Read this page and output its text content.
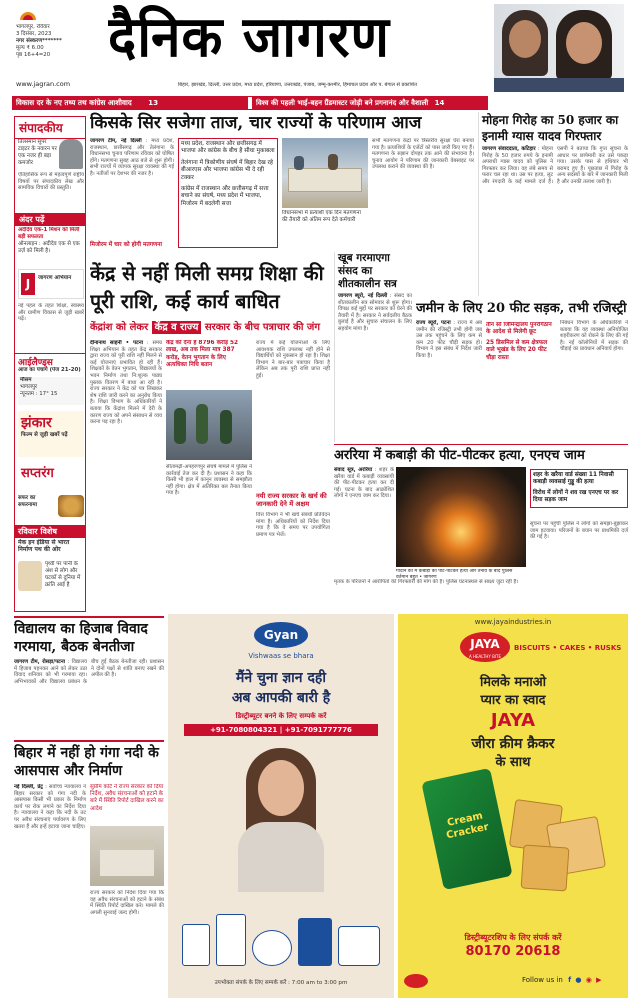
भागलपुर, रविवार
3 दिसंबर, 2023
नगर संस्करण*******
मूल्य ₹ 6.00
पृष्ठ 16+4=20
www.jagran.com
दैनिक जागरण
बिहार, झारखंड, दिल्ली, उत्तर प्रदेश, मध्य प्रदेश, हरियाणा, उत्तराखंड, पंजाब, जम्मू-कश्मीर, हिमाचल प्रदेश और प. बंगाल से प्रकाशित
विकास दर के नए तथ्य तथ कांग्रेस आशीवाद 13	विश्व की पहली भाई-बहन ग्रैंडमास्टर जोड़ी बने प्रगनानंद और वैशाली 14
संपादकीय
तिलस्मान सुपर टाइटर के नवारन पर एक नजर ही बड़ा कमजोर
ऐतिहासिक रूप से महत्वपूर्ण राष्ट्रीय विषयों पर संपादकीय लेख और सामयिक विचारों की प्रस्तुति।
अंदर पढ़ें
अदीदेव एक-1 मिशन को मिली बड़ी सफलता
ऑनलाइन : अदीदेव एक से एक उर्ज़ को मिली है।
J	जागरण अभियान
नई पहल के तहत शिक्षा, स्वास्थ्य और ग्रामीण विकास से जुड़ी खबरें पढ़ें।
आईलैण्ड्स
आज का पंचांग (पेज 21-20)
मौसम
भागलपुर
न्यूनतम : 17° 15
झंकार
फिल्म से जुड़ी खबरें पढ़ें
सप्तरंग
सफर का सफरनामा
रविवार विशेष
मेक इन इंडिया से भारत निर्माण पथ की ओर
पृथ्वी पर पानी के अंश से लोग और घटकों से दुनिया में क्रांति आई है
किसके सिर सजेगा ताज, चार राज्यों के परिणाम आज
जागरण टीम, नई दिल्ली : मध्य प्रदेश, राजस्थान, छत्तीसगढ़ और तेलंगाना के विधानसभा चुनाव परिणाम रविवार को घोषित होंगे। मतगणना सुबह आठ बजे से शुरू होगी। सभी राज्यों में व्यापक सुरक्षा व्यवस्था की गई है। नतीजों पर देशभर की नजर है।
मध्य प्रदेश, राजस्थान और छत्तीसगढ़ में भाजपा और कांग्रेस के बीच है सीधा मुकाबला
तेलंगाना में त्रिकोणीय संघर्ष में बिहार देख रहे बीआरएस और भाजपा कांग्रेस भी दे रही टक्कर
कांग्रेस में राजस्थान और छत्तीसगढ़ में सत्ता बचाने का संघर्ष, मध्य प्रदेश में भाजपा, मिजोरम में बदलेगी सत्ता
विधानसभा में प्रत्याशी एक दिन मतगणना की तैयारी को अंतिम रूप देते कर्मचारी
सभी मतगणना केंद्रों पर त्रिस्तरीय सुरक्षा घेरा बनाया गया है। प्रत्याशियों के एजेंटों को पास जारी किए गए हैं। मतगणना के रुझान दोपहर तक आने की संभावना है। चुनाव आयोग ने परिणाम की जानकारी वेबसाइट पर उपलब्ध कराने की व्यवस्था की है।
मिजोरम में चार को होगी मतगणना
मोहना गिरोह का 50 हजार का इनामी ग्यास यादव गिरफ्तार
जागरण संवाददाता, कटिहार : मोहना गिरोह के 50 हजार रुपये के इनामी अपराधी ग्यास यादव को पुलिस ने गिरफ्तार कर लिया। वह लंबे समय से फरार चल रहा था। उस पर हत्या, लूट और रंगदारी के कई मामले दर्ज हैं। एसपी ने बताया कि गुप्त सूचना के आधार पर छापेमारी कर उसे पकड़ा गया। उसके पास से हथियार भी बरामद हुए हैं। पूछताछ में गिरोह के अन्य सदस्यों के बारे में जानकारी मिली है और उनकी तलाश जारी है।
केंद्र से नहीं मिली समग्र शिक्षा की पूरी राशि, कई कार्य बाधित
केंद्रांश को लेकर केंद्र व राज्य सरकार के बीच पत्राचार की जंग
दीनानाथ साहनी • पटना : समग्र शिक्षा अभियान के तहत केंद्र सरकार द्वारा राज्य को पूरी राशि नहीं मिलने से कई योजनाएं प्रभावित हो रही हैं। शिक्षकों के वेतन भुगतान, विद्यालयों के भवन निर्माण तथा नि:शुल्क पाठ्य पुस्तक वितरण में बाधा आ रही है। राज्य सरकार ने केंद्र को पत्र लिखकर शेष राशि जारी करने का अनुरोध किया है। शिक्षा विभाग के अधिकारियों ने बताया कि केंद्रांश मिलने में देरी के कारण राज्य को अपने संसाधन से व्यय करना पड़ रहा है।
केंद्र को देना है 8796 करोड़ 52 लाख, अब तक मिला मात्र 387 करोड़, वेतन भुगतान के लिए अत्यधिक्त निधि बतान
सीतामढ़ी-अपहरणपुर संघर्ष मामले में पुलिस ने कार्रवाई तेज कर दी है। प्रशासन ने कहा कि किसी भी हाल में कानून व्यवस्था से समझौता नहीं होगा। क्षेत्र में अतिरिक्त बल तैनात किया गया है।
राज्य में कई योजनाओं के लिए आवश्यक राशि उपलब्ध नहीं होने से विद्यार्थियों को नुकसान हो रहा है। शिक्षा विभाग ने बार-बार पत्राचार किया है लेकिन अब तक पूरी राशि प्राप्त नहीं हुई।
नयी राज्य सरकार के खर्च की जानकारी देने में अक्षम
वित्त विभाग ने भी खर्च संबंधी प्रतिवेदन मांगा है। अधिकारियों को निर्देश दिया गया है कि वे समय पर उपयोगिता प्रमाण पत्र भेजें।
खूब गरमाएगा संसद का शीतकालीन सत्र
जागरण ब्यूरो, नई दिल्ली : संसद का शीतकालीन सत्र सोमवार से शुरू होगा। विपक्ष कई मुद्दों पर सरकार को घेरने की तैयारी में है। सरकार ने सर्वदलीय बैठक बुलाई है और सुचारु संचालन के लिए सहयोग मांगा है।
जमीन के लिए 20 फीट सड़क, तभी रजिस्ट्री
राज्य ब्यूरो, पटना : राज्य में अब जमीन की रजिस्ट्री तभी होगी जब उस तक पहुंचने के लिए कम से कम 20 फीट चौड़ी सड़क हो। विभाग ने इस संबंध में निर्देश जारी किया है।
तीन सो जिमिन्द्रालय पुनरगिठान के आदेश से मिलेगी छूट
25 डिसमिल से कम क्षेत्रफल वाले भूखंड के लिए 20 फीट चौड़ा रास्ता
निबंधन विभाग के अधिकारियों ने बताया कि यह व्यवस्था अनियोजित शहरीकरण को रोकने के लिए की गई है। नई कॉलोनियों में सड़क की चौड़ाई का प्रावधान अनिवार्य होगा।
अररिया में कबाड़ी की पीट-पीटकर हत्या, एनएच जाम
संवाद सूत्र, अररिया : शहर के खरैया वार्ड में कबाड़ी व्यवसायी की पीट-पीटकर हत्या कर दी गई। घटना के बाद आक्रोशित लोगों ने एनएच जाम कर दिया।
गोदौन की में कबाड़ी की पीट-पीटकर हत्या और तनाव के बाद पुलिस वर्तमान बहुत • जागरण
शहर के खरैया वार्ड संख्या 11 निवासी कबाड़ी व्यवसाई गुड्डू की हत्या
विरोध में लोगों ने शव रख एनएच पर कर दिया सड़क जाम
सूचना पर पहुंची पुलिस ने लोगों को समझा-बुझाकर जाम हटवाया। परिजनों के बयान पर प्राथमिकी दर्ज की गई है।
मृतक के परिजनों ने आरोपितों की गिरफ्तारी की मांग की है। पुलिस घटनास्थल से साक्ष्य जुटा रही है।
विद्यालय का हिजाब विवाद गरमाया, बैठक बेनतीजा
जागरण टीम, रोसड़ा/पटना : विद्यालय में हिजाब पहनकर आने को लेकर उठा विवाद शनिवार को भी गरमाया रहा। अभिभावकों और विद्यालय प्रबंधन के बीच हुई बैठक बेनतीजा रही। प्रशासन ने दोनों पक्षों से शांति बनाए रखने की अपील की है।
बिहार में नहीं हो गंगा नदी के आसपास और निर्माण
नई दिल्ली, प्रेट्र : सर्वोच्च न्यायालय ने बिहार सरकार को गंगा नदी के आसपास किसी भी प्रकार के निर्माण कार्य पर रोक लगाने का निर्देश दिया है। न्यायालय ने कहा कि नदी के तट पर अवैध संरचनाएं पर्यावरण के लिए खतरा हैं और इन्हें हटाया जाना चाहिए।
सुप्रीम कोर्ट ने राज्य सरकार को दिया निर्देश, अवैध संरचनाओं को हटाने के बारे में स्थिति रिपोर्ट दाखिल करने का आदेश
राज्य सरकार को निर्देश दिया गया कि वह अवैध संरचनाओं को हटाने के संबंध में स्थिति रिपोर्ट दाखिल करे। मामले की अगली सुनवाई जल्द होगी।
Gyan
Vishwaas se bhara
मैंने चुना ज्ञान दही
अब आपकी बारी है
डिस्ट्रीब्यूटर बनने के लिए सम्पर्क करें
+91-7080804321 | +91-7091777776
उपभोक्ता संपर्क के लिए सम्पर्क करें : 7:00 am to 3:00 pm
www.jayaindustries.in
JAYA
A HEALTHY BITE
BISCUITS • CAKES • RUSKS
मिलके मनाओ
प्यार का स्वाद
JAYA
जीरा क्रीम क्रैकर
के साथ
Cream Cracker
डिस्ट्रीब्यूटरशिप के लिए संपर्क करें
80170 20618
Follow us in f ● ◉ ▶
